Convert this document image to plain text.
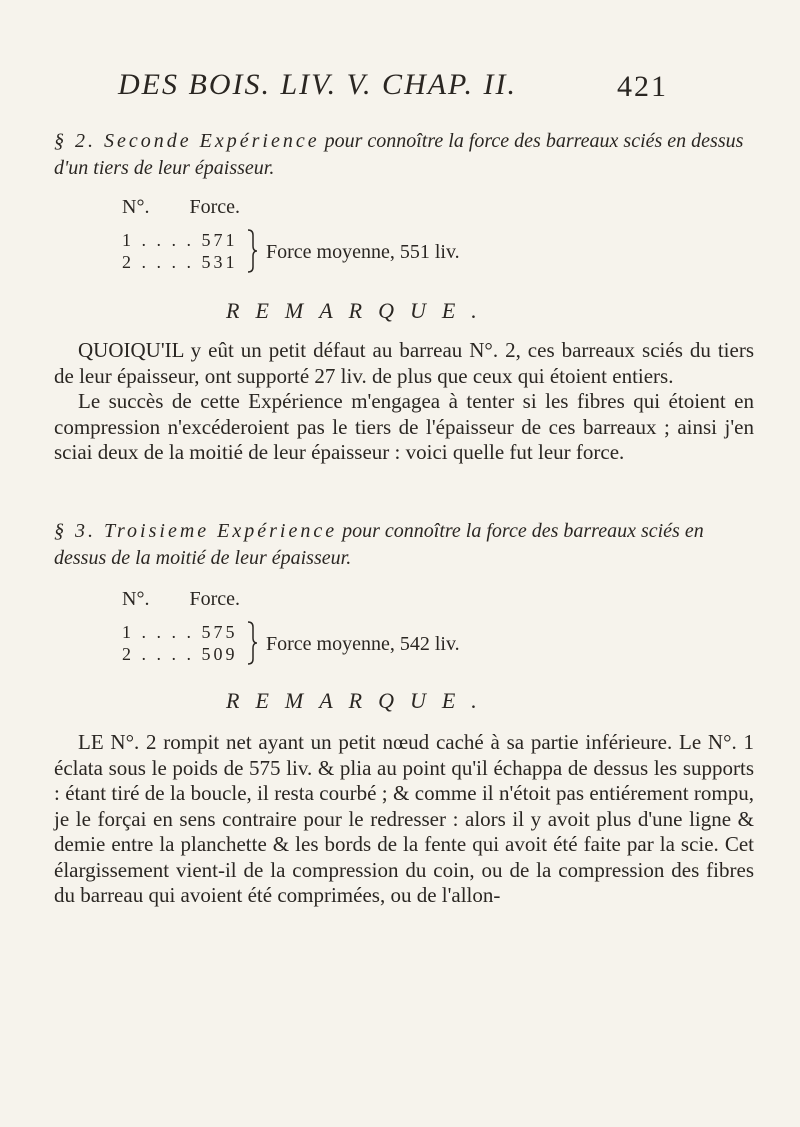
DES BOIS. LIV. V. CHAP. II.	421
§ 2. Seconde Expérience pour connoître la force des barreaux sciés en dessus d'un tiers de leur épaisseur.
N°. Force.
1 . . . . 571
2 . . . . 531 Force moyenne, 551 liv.
REMARQUE.

QUOIQU'IL y eût un petit défaut au barreau N°. 2, ces barreaux sciés du tiers de leur épaisseur, ont supporté 27 liv. de plus que ceux qui étoient entiers.

Le succès de cette Expérience m'engagea à tenter si les fibres qui étoient en compression n'excéderoient pas le tiers de l'épaisseur de ces barreaux ; ainsi j'en sciai deux de la moitié de leur épaisseur : voici quelle fut leur force.

§ 3. Troisieme Expérience pour connoître la force des barreaux sciés en dessus de la moitié de leur épaisseur.
N°. Force.
1 . . . . 575
2 . . . . 509 Force moyenne, 542 liv.
REMARQUE.

LE N°. 2 rompit net ayant un petit nœud caché à sa partie inférieure. Le N°. 1 éclata sous le poids de 575 liv. & plia au point qu'il échappa de dessus les supports : étant tiré de la boucle, il resta courbé ; & comme il n'étoit pas entiérement rompu, je le forçai en sens contraire pour le redresser : alors il y avoit plus d'une ligne & demie entre la planchette & les bords de la fente qui avoit été faite par la scie. Cet élargissement vient-il de la compression du coin, ou de la compression des fibres du barreau qui avoient été comprimées, ou de l'allon-
